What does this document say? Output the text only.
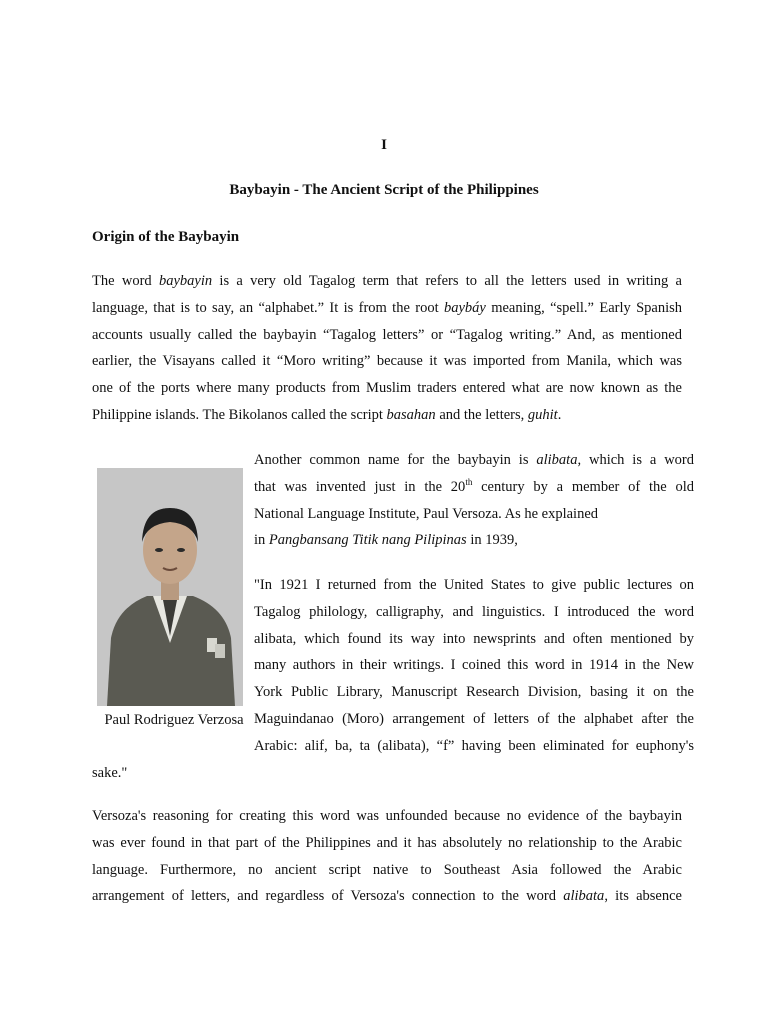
I
Baybayin - The Ancient Script of the Philippines
Origin of the Baybayin
The word baybayin is a very old Tagalog term that refers to all the letters used in writing a
language, that is to say, an “alphabet.” It is from the root baybáy meaning, “spell.” Early Spanish
accounts usually called the baybayin “Tagalog letters” or “Tagalog writing.” And, as mentioned
earlier, the Visayans called it “Moro writing” because it was imported from Manila, which was
one of the ports where many products from Muslim traders entered what are now known as the
Philippine islands. The Bikolanos called the script basahan and the letters, guhit.
Paul Rodriguez Verzosa
Another common name for the baybayin is alibata, which is a word
that was invented just in the 20th century by a member of the old
National Language Institute, Paul Versoza. As he explained
in Pangbansang Titik nang Pilipinas in 1939,
"In 1921 I returned from the United States to give public lectures on
Tagalog philology, calligraphy, and linguistics. I introduced the word
alibata, which found its way into newsprints and often mentioned by
many authors in their writings. I coined this word in 1914 in the New
York Public Library, Manuscript Research Division, basing it on the
Maguindanao (Moro) arrangement of letters of the alphabet after the
Arabic: alif, ba, ta (alibata), “f” having been eliminated for euphony's
sake."
Versoza's reasoning for creating this word was unfounded because no evidence of the baybayin
was ever found in that part of the Philippines and it has absolutely no relationship to the Arabic
language. Furthermore, no ancient script native to Southeast Asia followed the Arabic
arrangement of letters, and regardless of Versoza's connection to the word alibata, its absence
